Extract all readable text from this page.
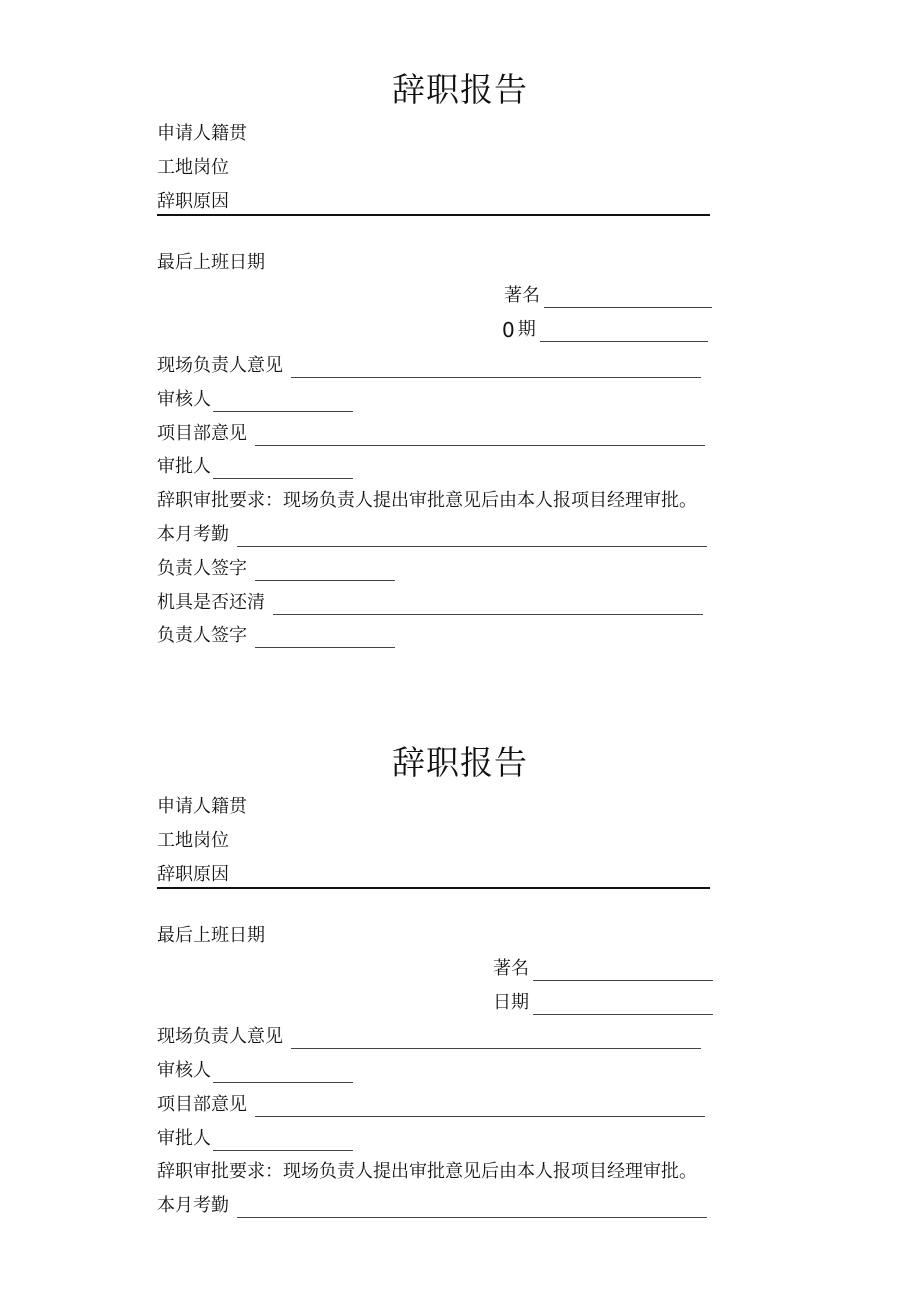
辞职报告
申请人籍贯
工地岗位
辞职原因
最后上班日期
著名
0 期
现场负责人意见
审核人
项目部意见
审批人
辞职审批要求：现场负责人提出审批意见后由本人报项目经理审批。
本月考勤
负责人签字
机具是否还清
负责人签字
辞职报告
申请人籍贯
工地岗位
辞职原因
最后上班日期
著名
日期
现场负责人意见
审核人
项目部意见
审批人
辞职审批要求：现场负责人提出审批意见后由本人报项目经理审批。
本月考勤
